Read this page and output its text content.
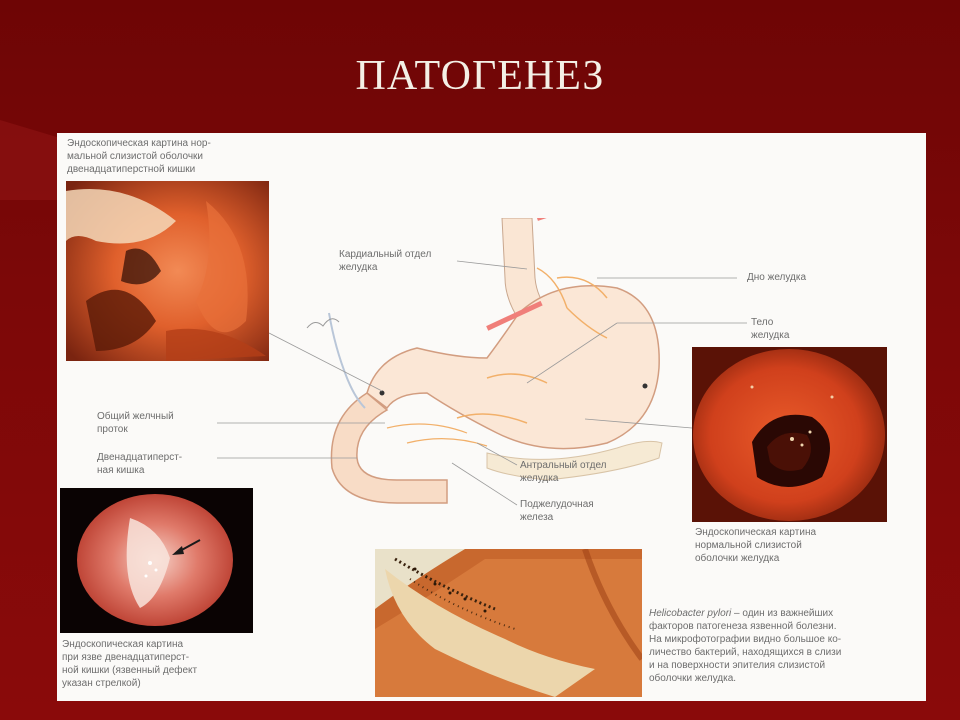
ПАТОГЕНЕЗ
Эндоскопическая картина нор-
мальной слизистой оболочки
двенадцатиперстной кишки
Эндоскопическая картина
нормальной слизистой
оболочки желудка
Эндоскопическая картина
при язве двенадцатиперст-
ной кишки (язвенный дефект
указан стрелкой)

Helicobacter pylori – один из важнейших
факторов патогенеза язвенной болезни.
На микрофотографии видно большое ко-
личество бактерий, находящихся в слизи
и на поверхности эпителия слизистой
оболочки желудка.

Кардиальный отдел
желудка
Дно желудка
Тело
желудка
Общий желчный
проток
Двенадцатиперст-
ная кишка	Антральный отдел
желудка
Поджелудочная
железа
